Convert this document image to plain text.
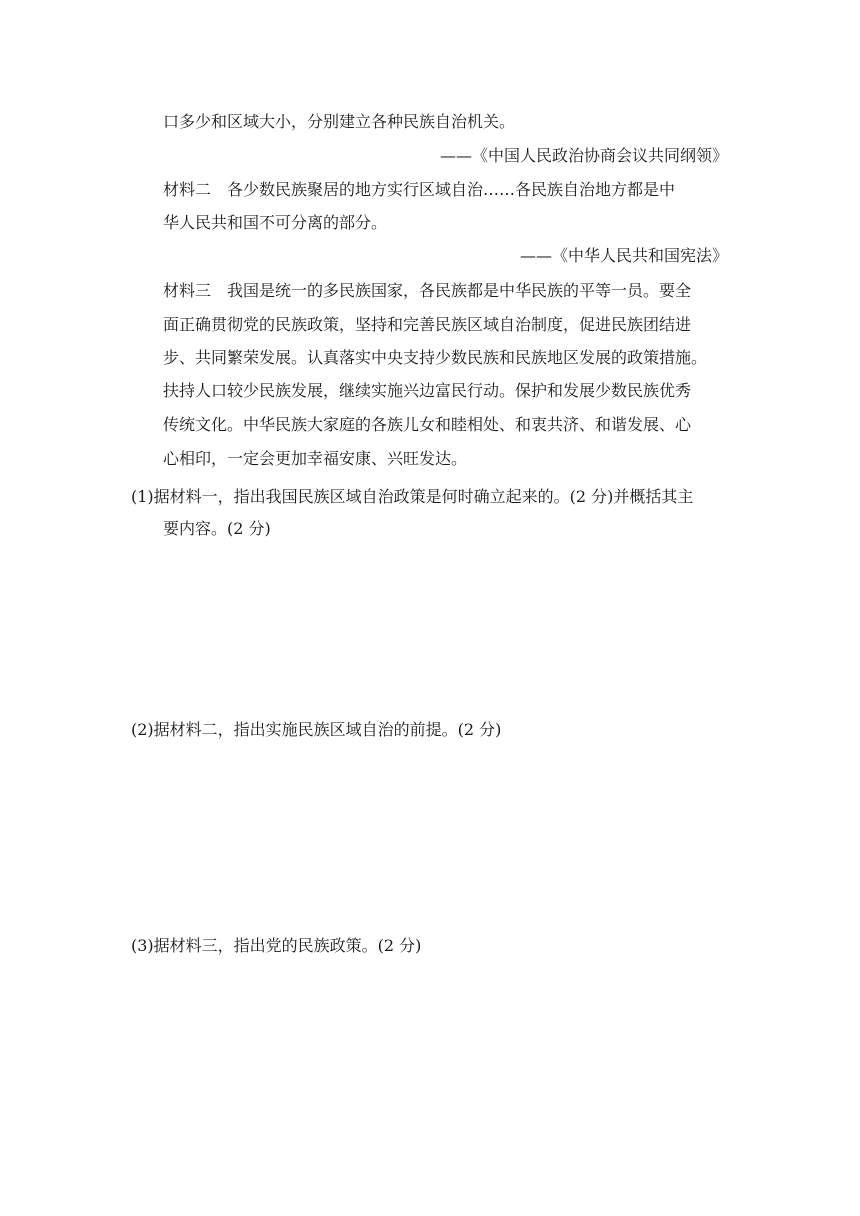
口多少和区域大小，分别建立各种民族自治机关。
——《中国人民政治协商会议共同纲领》
材料二 各少数民族聚居的地方实行区域自治……各民族自治地方都是中
华人民共和国不可分离的部分。
——《中华人民共和国宪法》
材料三 我国是统一的多民族国家，各民族都是中华民族的平等一员。要全
面正确贯彻党的民族政策，坚持和完善民族区域自治制度，促进民族团结进
步、共同繁荣发展。认真落实中央支持少数民族和民族地区发展的政策措施。
扶持人口较少民族发展，继续实施兴边富民行动。保护和发展少数民族优秀
传统文化。中华民族大家庭的各族儿女和睦相处、和衷共济、和谐发展、心
心相印，一定会更加幸福安康、兴旺发达。
(1)据材料一，指出我国民族区域自治政策是何时确立起来的。(2 分)并概括其主
要内容。(2 分)
(2)据材料二，指出实施民族区域自治的前提。(2 分)
(3)据材料三，指出党的民族政策。(2 分)
